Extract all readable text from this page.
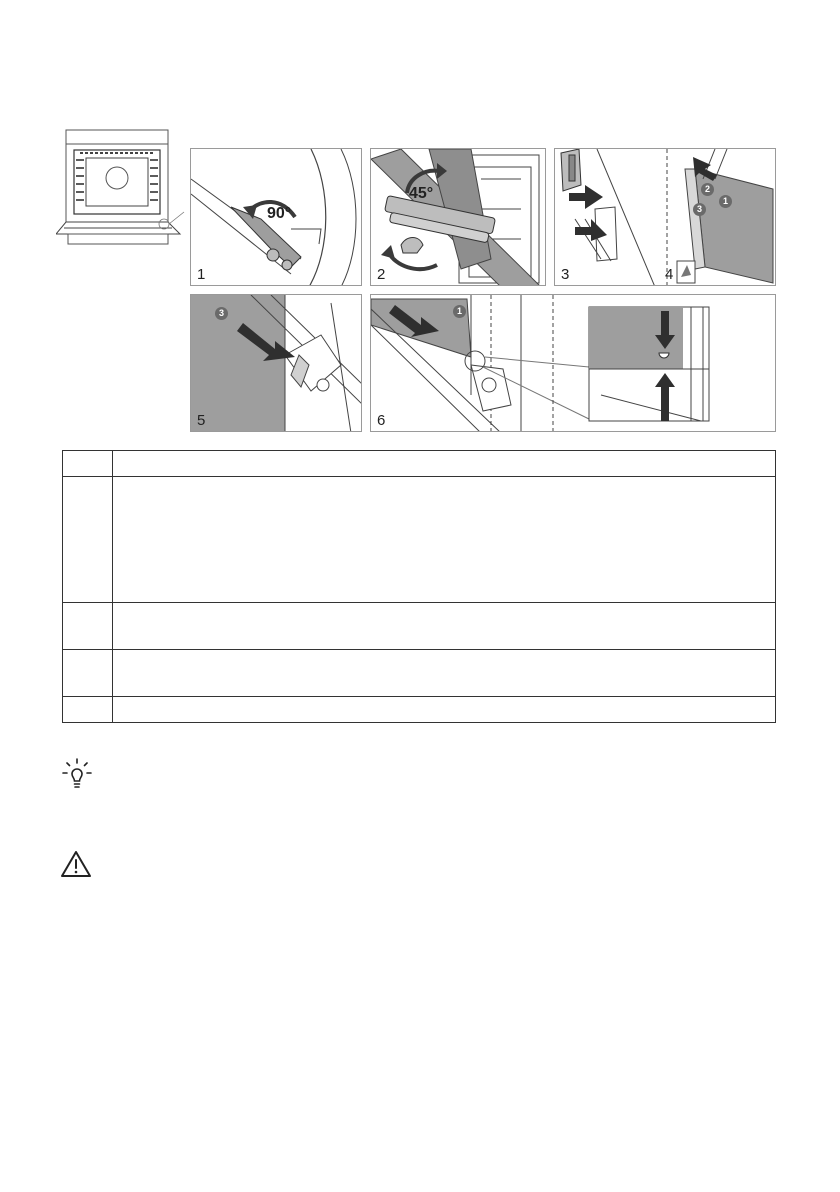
90°
1
45°
2
2
3
1
3	4
3
5
1
6
